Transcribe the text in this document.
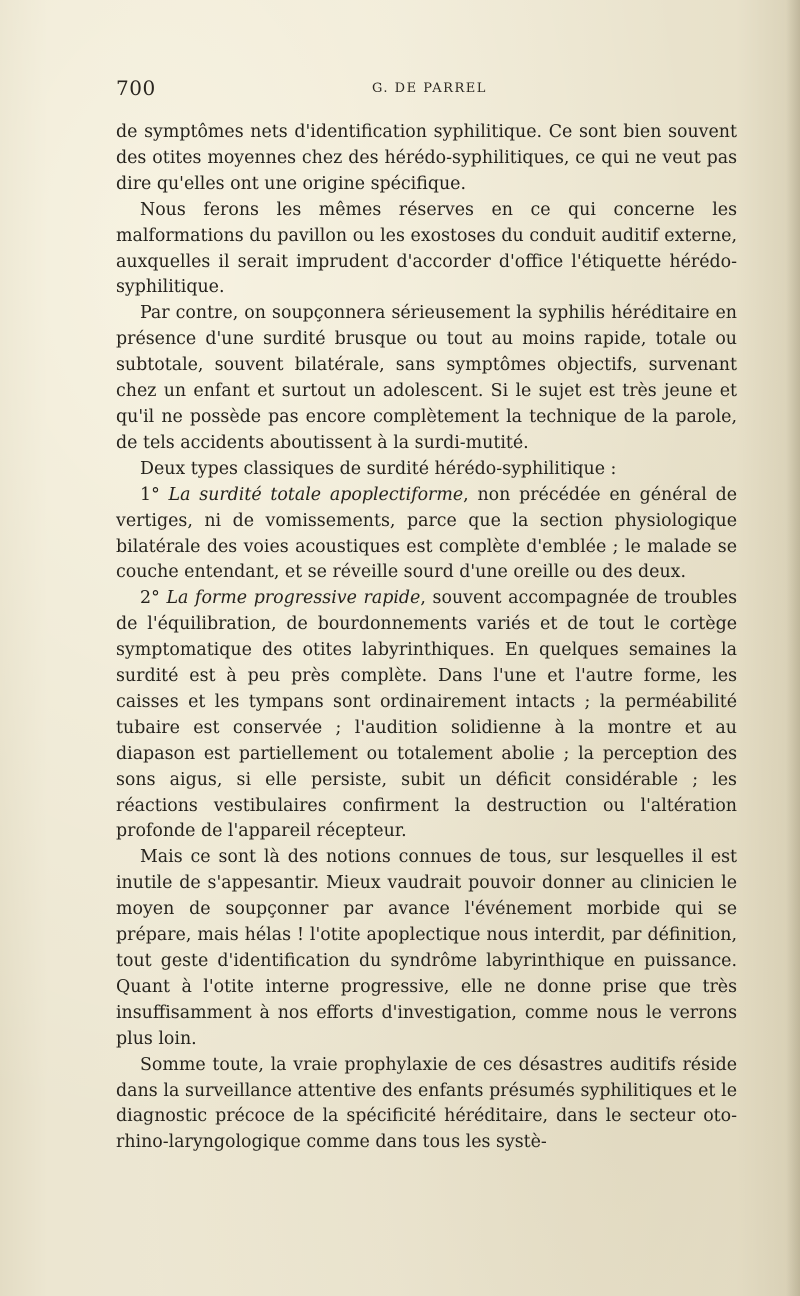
700	G. DE PARREL

de symptômes nets d'identification syphilitique. Ce sont bien souvent des otites moyennes chez des hérédo-syphilitiques, ce qui ne veut pas dire qu'elles ont une origine spécifique.

Nous ferons les mêmes réserves en ce qui concerne les malformations du pavillon ou les exostoses du conduit auditif externe, auxquelles il serait imprudent d'accorder d'office l'étiquette hérédo-syphilitique.

Par contre, on soupçonnera sérieusement la syphilis héréditaire en présence d'une surdité brusque ou tout au moins rapide, totale ou subtotale, souvent bilatérale, sans symptômes objectifs, survenant chez un enfant et surtout un adolescent. Si le sujet est très jeune et qu'il ne possède pas encore complètement la technique de la parole, de tels accidents aboutissent à la surdi-mutité.

Deux types classiques de surdité hérédo-syphilitique :

1° La surdité totale apoplectiforme, non précédée en général de vertiges, ni de vomissements, parce que la section physiologique bilatérale des voies acoustiques est complète d'emblée ; le malade se couche entendant, et se réveille sourd d'une oreille ou des deux.

2° La forme progressive rapide, souvent accompagnée de troubles de l'équilibration, de bourdonnements variés et de tout le cortège symptomatique des otites labyrinthiques. En quelques semaines la surdité est à peu près complète. Dans l'une et l'autre forme, les caisses et les tympans sont ordinairement intacts ; la perméabilité tubaire est conservée ; l'audition solidienne à la montre et au diapason est partiellement ou totalement abolie ; la perception des sons aigus, si elle persiste, subit un déficit considérable ; les réactions vestibulaires confirment la destruction ou l'altération profonde de l'appareil récepteur.

Mais ce sont là des notions connues de tous, sur lesquelles il est inutile de s'appesantir. Mieux vaudrait pouvoir donner au clinicien le moyen de soupçonner par avance l'événement morbide qui se prépare, mais hélas ! l'otite apoplectique nous interdit, par définition, tout geste d'identification du syndrôme labyrinthique en puissance. Quant à l'otite interne progressive, elle ne donne prise que très insuffisamment à nos efforts d'investigation, comme nous le verrons plus loin.

Somme toute, la vraie prophylaxie de ces désastres auditifs réside dans la surveillance attentive des enfants présumés syphilitiques et le diagnostic précoce de la spécificité héréditaire, dans le secteur oto-rhino-laryngologique comme dans tous les systè-
